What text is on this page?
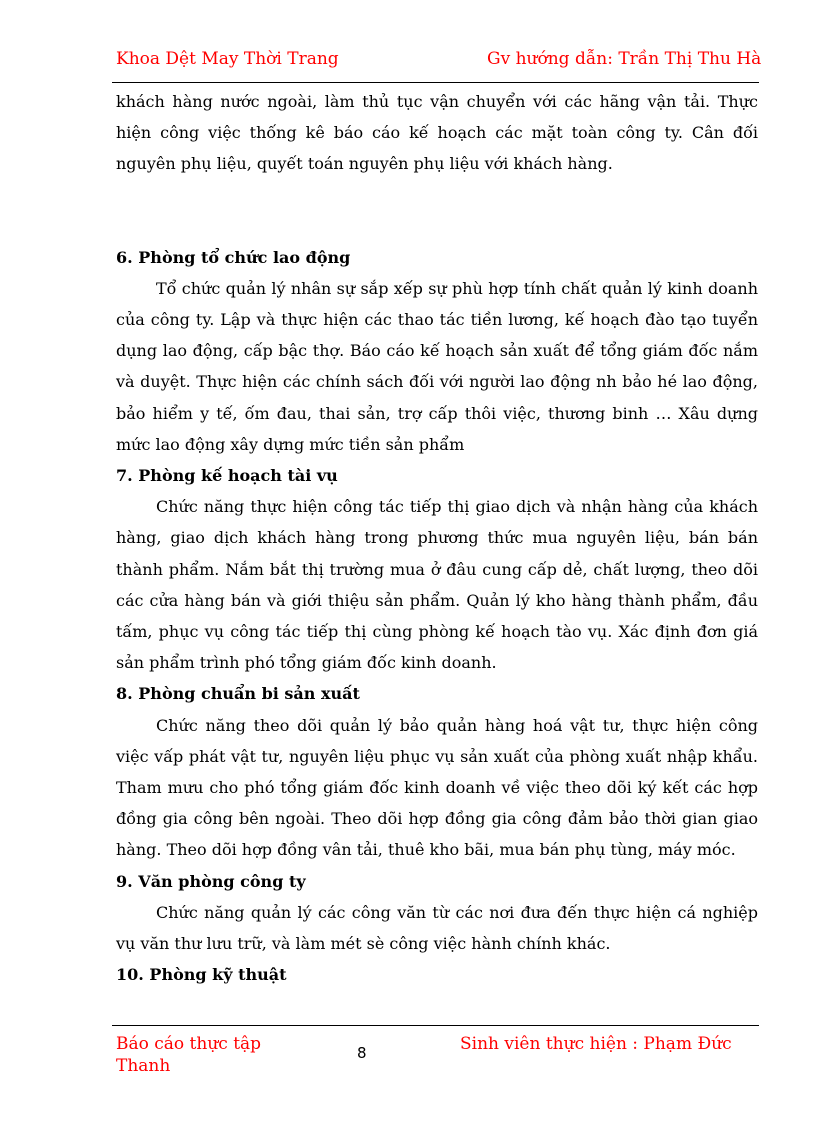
Khoa Dệt May Thời Trang	Gv hướng dẫn: Trần Thị Thu Hà

khách hàng nước ngoài, làm thủ tục vận chuyển với các hãng vận tải. Thực hiện công việc thống kê báo cáo kế hoạch các mặt toàn công ty. Cân đối nguyên phụ liệu, quyết toán nguyên phụ liệu với khách hàng.

6. Phòng tổ chức lao động

Tổ chức quản lý nhân sự sắp xếp sự phù hợp tính chất quản lý kinh doanh của công ty. Lập và thực hiện các thao tác tiền lương, kế hoạch đào tạo tuyển dụng lao động, cấp bậc thợ. Báo cáo kế hoạch sản xuất để tổng giám đốc nắm và duyệt. Thực hiện các chính sách đối với người lao động nh bảo hé lao động, bảo hiểm y tế, ốm đau, thai sản, trợ cấp thôi việc, thương binh … Xâu dựng mức lao động xây dựng mức tiền sản phẩm

7. Phòng kế hoạch tài vụ

Chức năng thực hiện công tác tiếp thị giao dịch và nhận hàng của khách hàng, giao dịch khách hàng trong phương thức mua nguyên liệu, bán bán thành phẩm. Nắm bắt thị trường mua ở đâu cung cấp dẻ, chất lượng, theo dõi các cửa hàng bán và giới thiệu sản phẩm. Quản lý kho hàng thành phẩm, đầu tấm, phục vụ công tác tiếp thị cùng phòng kế hoạch tào vụ. Xác định đơn giá sản phẩm trình phó tổng giám đốc kinh doanh.

8. Phòng chuẩn bi sản xuất

Chức năng theo dõi quản lý bảo quản hàng hoá vật tư, thực hiện công việc vấp phát vật tư, nguyên liệu phục vụ sản xuất của phòng xuất nhập khẩu. Tham mưu cho phó tổng giám đốc kinh doanh về việc theo dõi ký kết các hợp đồng gia công bên ngoài. Theo dõi hợp đồng gia công đảm bảo thời gian giao hàng. Theo dõi hợp đồng vân tải, thuê kho bãi, mua bán phụ tùng, máy móc.

9. Văn phòng công ty

Chức năng quản lý các công văn từ các nơi đưa đến thực hiện cá nghiệp vụ văn thư lưu trữ, và làm mét sè công việc hành chính khác.

10. Phòng kỹ thuật
Báo cáo thực tập
Thanh
8	Sinh viên thực hiện : Phạm Đức
